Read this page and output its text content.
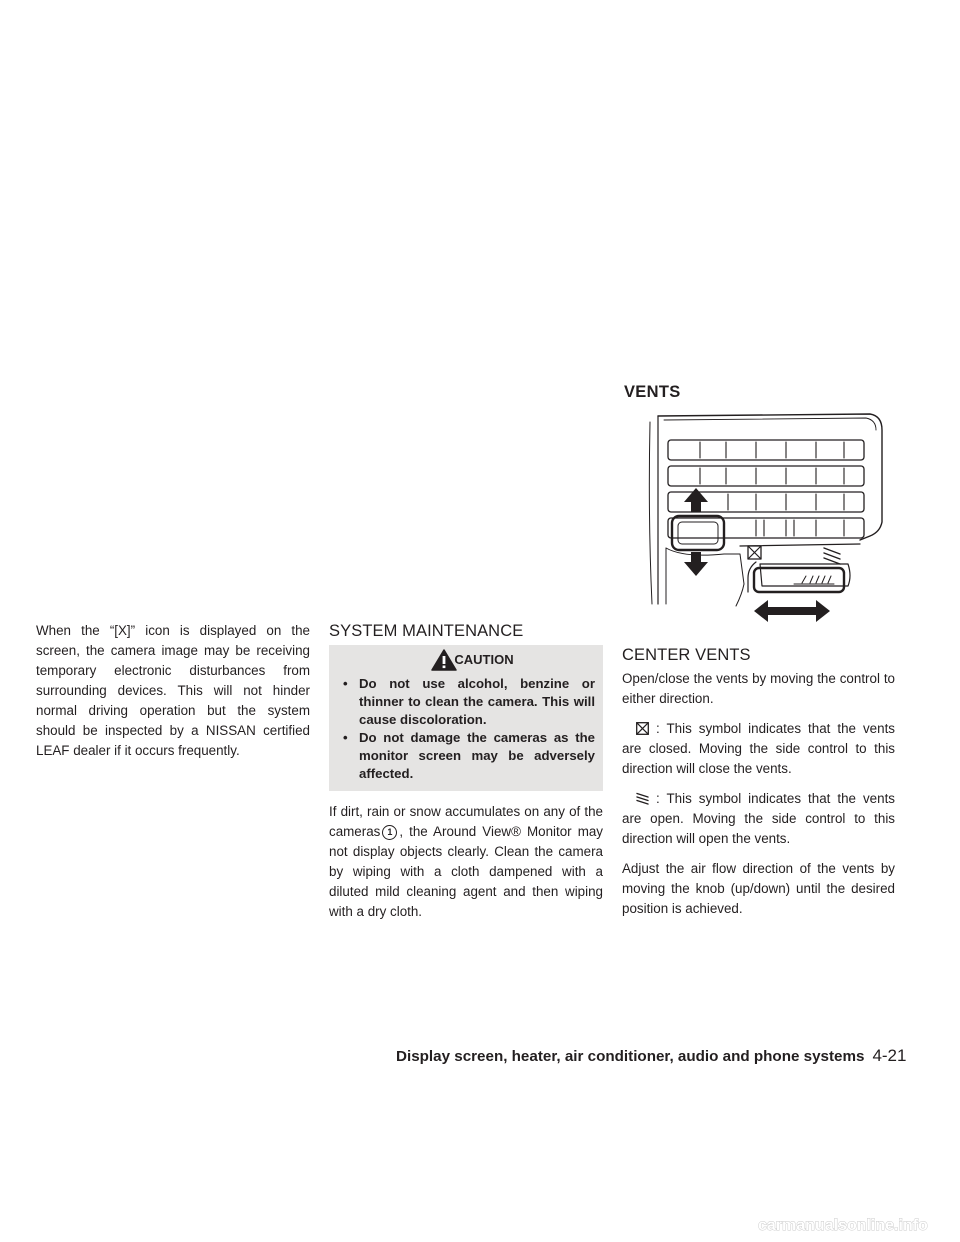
When the “[X]” icon is displayed on the screen, the camera image may be receiving temporary electronic disturbances from surrounding devices. This will not hinder normal driving operation but the system should be inspected by a NISSAN certified LEAF dealer if it occurs frequently.

SYSTEM MAINTENANCE
CAUTION
• Do not use alcohol, benzine or thinner to clean the camera. This will cause discoloration.
• Do not damage the cameras as the monitor screen may be adversely affected.

If dirt, rain or snow accumulates on any of the cameras 1 , the Around View® Monitor may not display objects clearly. Clean the camera by wiping with a cloth dampened with a diluted mild cleaning agent and then wiping with a dry cloth.

VENTS
CENTER VENTS

Open/close the vents by moving the control to either direction.

: This symbol indicates that the vents are closed. Moving the side control to this direction will close the vents.

: This symbol indicates that the vents are open. Moving the side control to this direction will open the vents.

Adjust the air flow direction of the vents by moving the knob (up/down) until the desired position is achieved.

Display screen, heater, air conditioner, audio and phone systems 4-21
carmanualsonline.info
